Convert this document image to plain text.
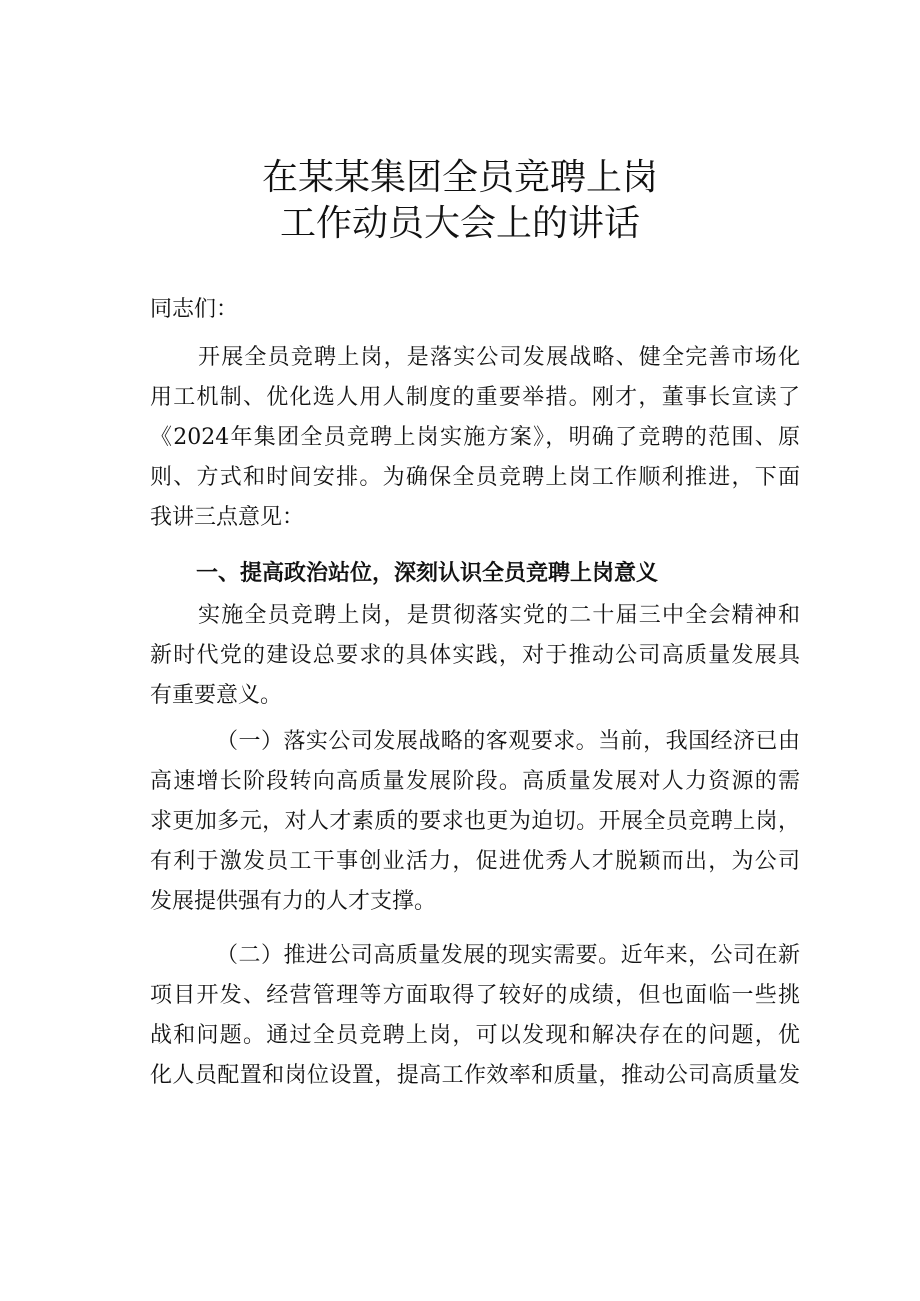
在某某集团全员竞聘上岗
工作动员大会上的讲话
同志们：
开展全员竞聘上岗，是落实公司发展战略、健全完善市场化
用工机制、优化选人用人制度的重要举措。刚才，董事长宣读了
《2024年集团全员竞聘上岗实施方案》，明确了竞聘的范围、原
则、方式和时间安排。为确保全员竞聘上岗工作顺利推进，下面
我讲三点意见：
一、提高政治站位，深刻认识全员竞聘上岗意义
实施全员竞聘上岗，是贯彻落实党的二十届三中全会精神和
新时代党的建设总要求的具体实践，对于推动公司高质量发展具
有重要意义。
（一）落实公司发展战略的客观要求。当前，我国经济已由
高速增长阶段转向高质量发展阶段。高质量发展对人力资源的需
求更加多元，对人才素质的要求也更为迫切。开展全员竞聘上岗，
有利于激发员工干事创业活力，促进优秀人才脱颖而出，为公司
发展提供强有力的人才支撑。
（二）推进公司高质量发展的现实需要。近年来，公司在新
项目开发、经营管理等方面取得了较好的成绩，但也面临一些挑
战和问题。通过全员竞聘上岗，可以发现和解决存在的问题，优
化人员配置和岗位设置，提高工作效率和质量，推动公司高质量发
